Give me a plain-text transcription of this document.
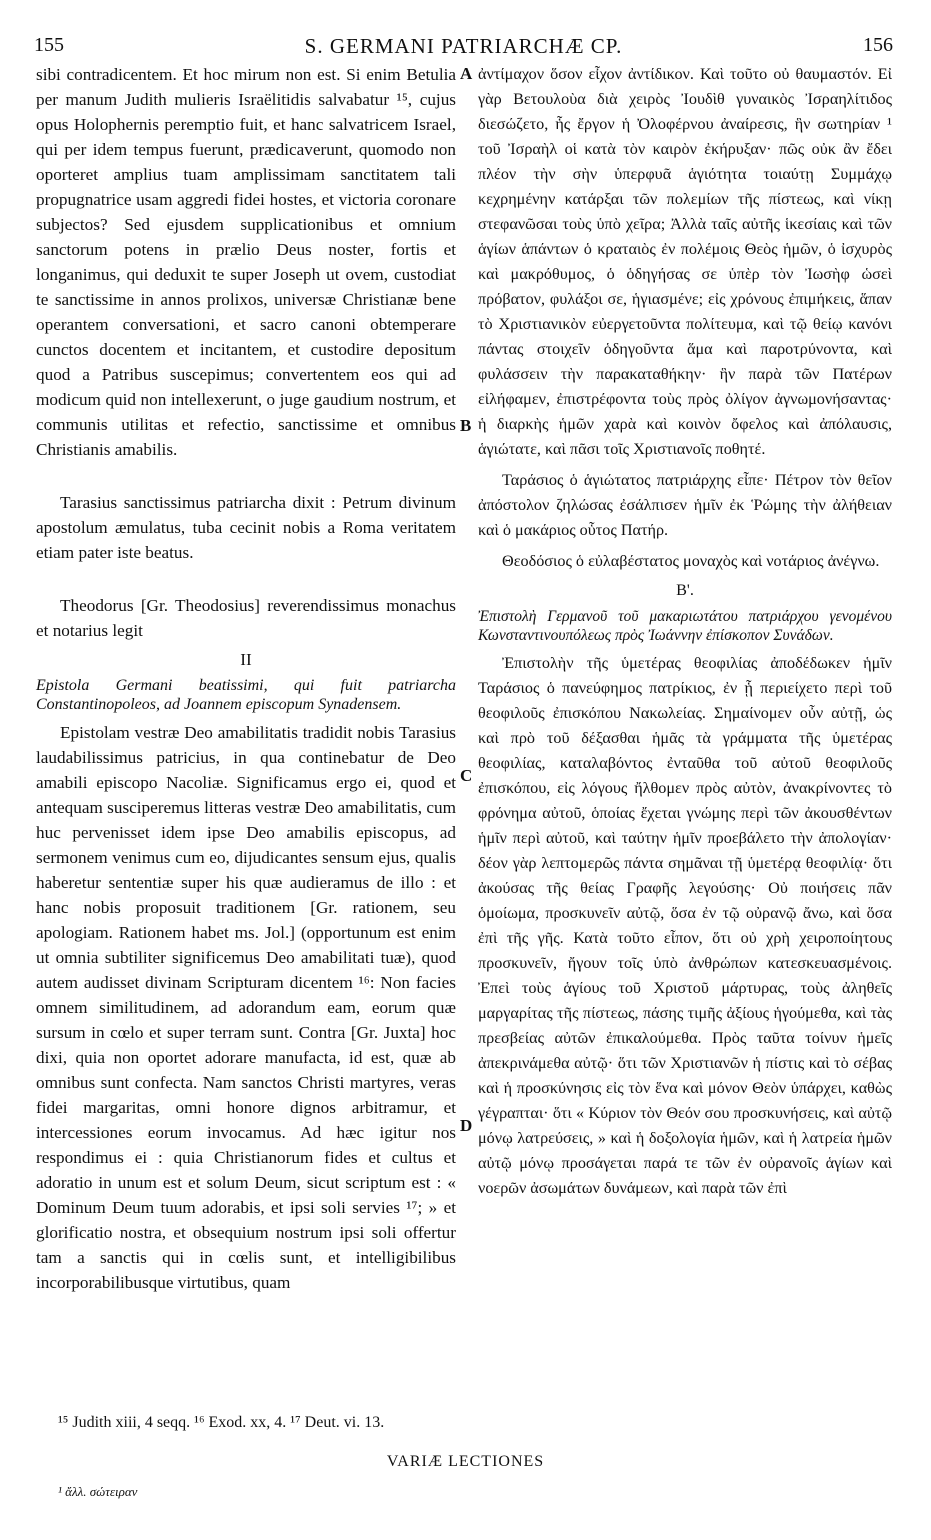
155	S. GERMANI PATRIARCHÆ CP.	156
A
B
C
D

sibi contradicentem. Et hoc mirum non est. Si enim Betulia per manum Judith mulieris Israëlitidis salvabatur ¹⁵, cujus opus Holophernis peremptio fuit, et hanc salvatricem Israel, qui per idem tempus fuerunt, prædicaverunt, quomodo non oporteret amplius tuam amplissimam sanctitatem tali propugnatrice usam aggredi fidei hostes, et victoria coronare subjectos? Sed ejusdem supplicationibus et omnium sanctorum potens in prælio Deus noster, fortis et longanimus, qui deduxit te super Joseph ut ovem, custodiat te sanctissime in annos prolixos, universæ Christianæ bene operantem conversationi, et sacro canoni obtemperare cunctos docentem et incitantem, et custodire depositum quod a Patribus suscepimus; convertentem eos qui ad modicum quid non intellexerunt, o juge gaudium nostrum, et communis utilitas et refectio, sanctissime et omnibus Christianis amabilis.

Tarasius sanctissimus patriarcha dixit : Petrum divinum apostolum æmulatus, tuba cecinit nobis a Roma veritatem etiam pater iste beatus.

Theodorus [Gr. Theodosius] reverendissimus monachus et notarius legit

II

Epistola Germani beatissimi, qui fuit patriarcha Constantinopoleos, ad Joannem episcopum Synadensem.

Epistolam vestræ Deo amabilitatis tradidit nobis Tarasius laudabilissimus patricius, in qua continebatur de Deo amabili episcopo Nacoliæ. Significamus ergo ei, quod et antequam susciperemus litteras vestræ Deo amabilitatis, cum huc pervenisset idem ipse Deo amabilis episcopus, ad sermonem venimus cum eo, dijudicantes sensum ejus, qualis haberetur sententiæ super his quæ audieramus de illo : et hanc nobis proposuit traditionem [Gr. rationem, seu apologiam. Rationem habet ms. Jol.] (opportunum est enim ut omnia subtiliter significemus Deo amabilitati tuæ), quod autem audisset divinam Scripturam dicentem ¹⁶: Non facies omnem similitudinem, ad adorandum eam, eorum quæ sursum in cœlo et super terram sunt. Contra [Gr. Juxta] hoc dixi, quia non oportet adorare manufacta, id est, quæ ab omnibus sunt confecta. Nam sanctos Christi martyres, veras fidei margaritas, omni honore dignos arbitramur, et intercessiones eorum invocamus. Ad hæc igitur nos respondimus ei : quia Christianorum fides et cultus et adoratio in unum est et solum Deum, sicut scriptum est : « Dominum Deum tuum adorabis, et ipsi soli servies ¹⁷; » et glorificatio nostra, et obsequium nostrum ipsi soli offertur tam a sanctis qui in cœlis sunt, et intelligibilibus incorporabilibusque virtutibus, quam

ἀντίμαχον ὅσον εἶχον ἀντίδικον. Καὶ τοῦτο οὐ θαυμαστόν. Εἰ γὰρ Βετουλοὺα διὰ χειρὸς Ἰουδὶθ γυναικὸς Ἰσραηλίτιδος διεσώζετο, ἧς ἔργον ἡ Ὀλοφέρνου ἀναίρεσις, ἣν σωτηρίαν ¹ τοῦ Ἰσραὴλ οἱ κατὰ τὸν καιρὸν ἐκήρυξαν· πῶς οὐκ ἂν ἔδει πλέον τὴν σὴν ὑπερφυᾶ ἁγιότητα τοιαύτῃ Συμμάχῳ κεχρημένην κατάρξαι τῶν πολεμίων τῆς πίστεως, καὶ νίκῃ στεφανῶσαι τοὺς ὑπὸ χεῖρα; Ἀλλὰ ταῖς αὐτῆς ἱκεσίαις καὶ τῶν ἁγίων ἁπάντων ὁ κραταιὸς ἐν πολέμοις Θεὸς ἡμῶν, ὁ ἰσχυρὸς καὶ μακρόθυμος, ὁ ὁδηγήσας σε ὑπὲρ τὸν Ἰωσὴφ ὡσεὶ πρόβατον, φυλάξοι σε, ἡγιασμένε; εἰς χρόνους ἐπιμήκεις, ἅπαν τὸ Χριστιανικὸν εὐεργετοῦντα πολίτευμα, καὶ τῷ θείῳ κανόνι πάντας στοιχεῖν ὁδηγοῦντα ἅμα καὶ παροτρύνοντα, καὶ φυλάσσειν τὴν παρακαταθήκην· ἣν παρὰ τῶν Πατέρων εἰλήφαμεν, ἐπιστρέφοντα τοὺς πρὸς ὀλίγον ἀγνωμονήσαντας· ἡ διαρκὴς ἡμῶν χαρὰ καὶ κοινὸν ὄφελος καὶ ἀπόλαυσις, ἁγιώτατε, καὶ πᾶσι τοῖς Χριστιανοῖς ποθητέ.

Ταράσιος ὁ ἁγιώτατος πατριάρχης εἶπε· Πέτρον τὸν θεῖον ἀπόστολον ζηλώσας ἐσάλπισεν ἡμῖν ἐκ Ῥώμης τὴν ἀλήθειαν καὶ ὁ μακάριος οὗτος Πατήρ.

Θεοδόσιος ὁ εὐλαβέστατος μοναχὸς καὶ νοτάριος ἀνέγνω.

Β'.

Ἐπιστολὴ Γερμανοῦ τοῦ μακαριωτάτου πατριάρχου γενομένου Κωνσταντινουπόλεως πρὸς Ἰωάννην ἐπίσκοπον Συνάδων.

Ἐπιστολὴν τῆς ὑμετέρας θεοφιλίας ἀποδέδωκεν ἡμῖν Ταράσιος ὁ πανεύφημος πατρίκιος, ἐν ᾗ περιείχετο περὶ τοῦ θεοφιλοῦς ἐπισκόπου Νακωλείας. Σημαίνομεν οὖν αὐτῇ, ὡς καὶ πρὸ τοῦ δέξασθαι ἡμᾶς τὰ γράμματα τῆς ὑμετέρας θεοφιλίας, καταλαβόντος ἐνταῦθα τοῦ αὐτοῦ θεοφιλοῦς ἐπισκόπου, εἰς λόγους ἤλθομεν πρὸς αὐτὸν, ἀνακρίνοντες τὸ φρόνημα αὐτοῦ, ὁποίας ἔχεται γνώμης περὶ τῶν ἀκουσθέντων ἡμῖν περὶ αὐτοῦ, καὶ ταύτην ἡμῖν προεβάλετο τὴν ἀπολογίαν· δέον γὰρ λεπτομερῶς πάντα σημᾶναι τῇ ὑμετέρᾳ θεοφιλίᾳ· ὅτι ἀκούσας τῆς θείας Γραφῆς λεγούσης· Οὐ ποιήσεις πᾶν ὁμοίωμα, προσκυνεῖν αὐτῷ, ὅσα ἐν τῷ οὐρανῷ ἄνω, καὶ ὅσα ἐπὶ τῆς γῆς. Κατὰ τοῦτο εἶπον, ὅτι οὐ χρὴ χειροποίητους προσκυνεῖν, ἤγουν τοῖς ὑπὸ ἀνθρώπων κατεσκευασμένοις. Ἐπεὶ τοὺς ἁγίους τοῦ Χριστοῦ μάρτυρας, τοὺς ἀληθεῖς μαργαρίτας τῆς πίστεως, πάσης τιμῆς ἀξίους ἡγούμεθα, καὶ τὰς πρεσβείας αὐτῶν ἐπικαλούμεθα. Πρὸς ταῦτα τοίνυν ἡμεῖς ἀπεκρινάμεθα αὐτῷ· ὅτι τῶν Χριστιανῶν ἡ πίστις καὶ τὸ σέβας καὶ ἡ προσκύνησις εἰς τὸν ἕνα καὶ μόνον Θεὸν ὑπάρχει, καθὼς γέγραπται· ὅτι « Κύριον τὸν Θεόν σου προσκυνήσεις, καὶ αὐτῷ μόνῳ λατρεύσεις, » καὶ ἡ δοξολογία ἡμῶν, καὶ ἡ λατρεία ἡμῶν αὐτῷ μόνῳ προσάγεται παρά τε τῶν ἐν οὐρανοῖς ἁγίων καὶ νοερῶν ἀσωμάτων δυνάμεων, καὶ παρὰ τῶν ἐπὶ

¹⁵ Judith xiii, 4 seqq. ¹⁶ Exod. xx, 4. ¹⁷ Deut. vi. 13.
VARIÆ LECTIONES
¹ ἄλλ. σώτειραν
